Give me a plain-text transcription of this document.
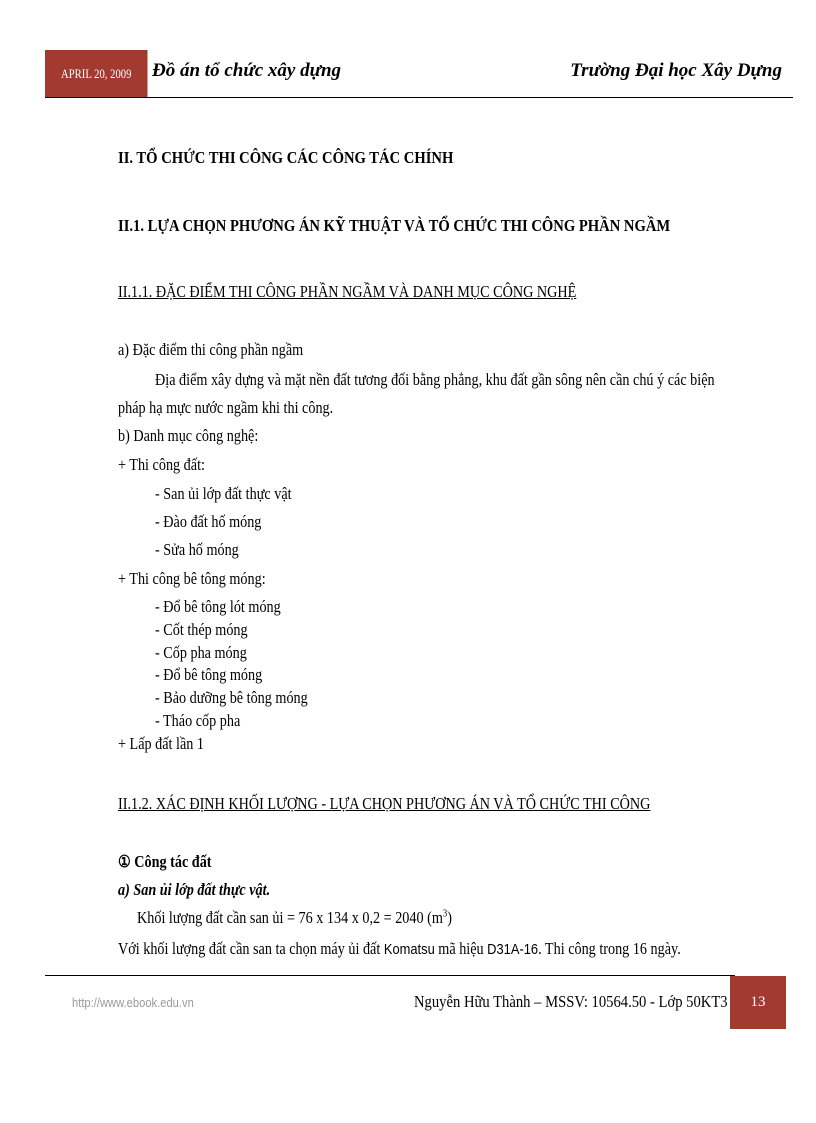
APRIL 20, 2009 Đồ án tổ chức xây dựng	Trường Đại học Xây Dựng
II. TỔ CHỨC THI CÔNG CÁC CÔNG TÁC CHÍNH
II.1. LỰA CHỌN PHƯƠNG ÁN KỸ THUẬT VÀ TỔ CHỨC THI CÔNG PHẦN NGẦM
II.1.1. ĐẶC ĐIỂM THI CÔNG PHẦN NGẦM VÀ DANH MỤC CÔNG NGHỆ
a) Đặc điểm thi công phần ngầm
Địa điểm xây dựng và mặt nền đất tương đối bằng phẳng, khu đất gần sông nên cần chú ý các biện
pháp hạ mực nước ngầm khi thi công.
b) Danh mục công nghệ:
+ Thi công đất:
- San ủi lớp đất thực vật
- Đào đất hố móng
- Sửa hố móng
+ Thi công bê tông móng:
- Đổ bê tông lót móng
- Cốt thép móng
- Cốp pha móng
- Đổ bê tông móng
- Bảo dưỡng bê tông móng
- Tháo cốp pha
+ Lấp đất lần 1
II.1.2. XÁC ĐỊNH KHỐI LƯỢNG - LỰA CHỌN PHƯƠNG ÁN VÀ TỔ CHỨC THI CÔNG
① Công tác đất
a) San ủi lớp đất thực vật.
Khối lượng đất cần san ủi = 76 x 134 x 0,2 = 2040 $(m^3)$
Với khối lượng đất cần san ta chọn máy ủi đất Komatsu mã hiệu D31A-16. Thi công trong 16 ngày.
http://www.ebook.edu.vn	Nguyễn Hữu Thành – MSSV: 10564.50 - Lớp 50KT3 13
